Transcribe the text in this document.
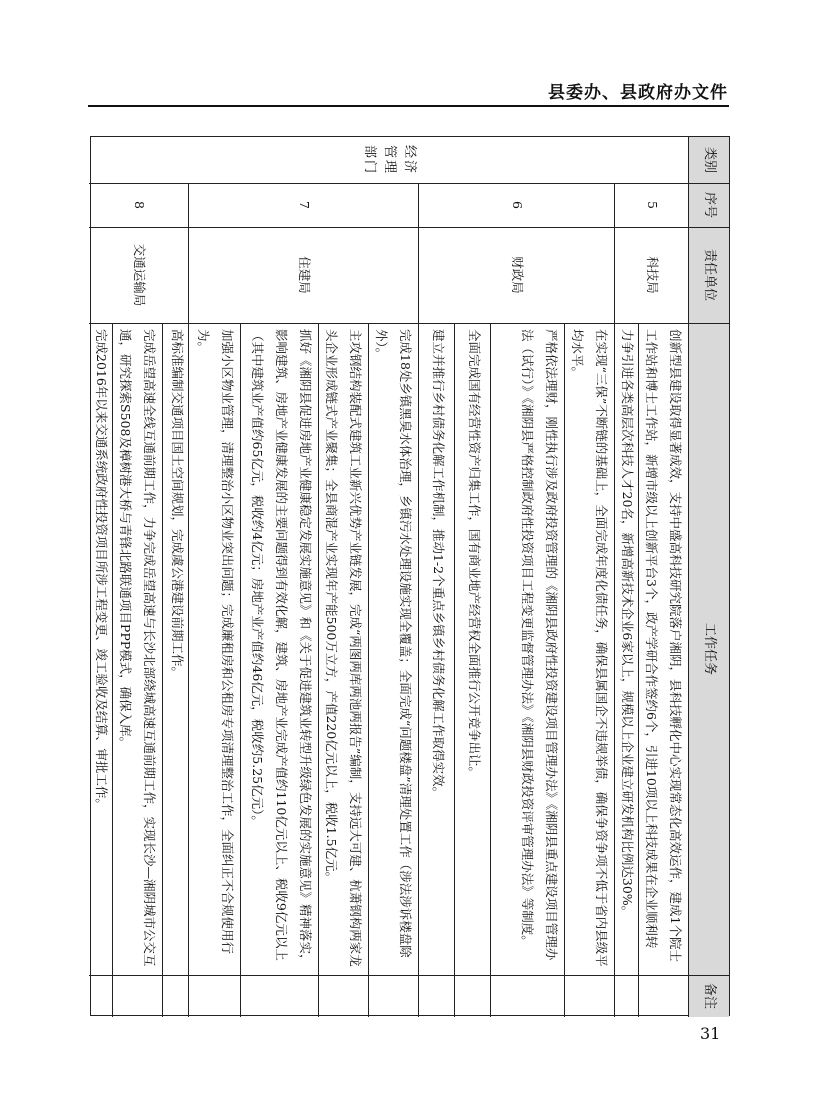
县委办、县政府办文件
类别
序号
责任单位
工作任务
备注
经济管理部门
5
科技局
创新型县建设取得显著成效，支持中盛高科技研究院落户湘阴，县科技孵化中心实现常态化高效运作，建成1个院士工作站和博士工作站，新增市级以上创新平台3个，政产学研合作签约6个，引进10项以上科技成果在企业顺利转
力争引进各类高层次科技人才20名，新增高新技术企业6家以上，规模以上企业建立研发机构比例达30%。
6
财政局
在实现“三保”不断链的基础上，全面完成年度化债任务，确保县属国企不违规举债，确保争资争项不低于省内县级平均水平。
严格依法理财，刚性执行涉及政府投资管理的《湘阴县政府性投资建设项目管理办法》《湘阴县重点建设项目管理办法（试行）》《湘阴县严格控制政府性投资项目工程变更监督管理办法》《湘阴县财政投资评审管理办法》等制度。
全面完成国有经营性资产归集工作，国有商业地产经营权全面推行公开竞争出让。
建立并推行乡村债务化解工作机制，推动1-2个重点乡镇乡村债务化解工作取得实效。
7
住建局
完成18处乡镇黑臭水体治理，乡镇污水处理设施实现全覆盖；全面完成“问题楼盘”清理处置工作（涉法涉诉楼盘除外）。
主攻钢结构装配式建筑工业新兴优势产业链发展，完成“两图两库两池两报告”编制，支持远大可建、杭萧钢构两家龙头企业形成链式产业聚集；全县商混产业实现年产能500万立方，产值220亿元以上，税收1.5亿元。
抓好《湘阴县促进房地产业健康稳定发展实施意见》和《关于促进建筑业转型升级绿色发展的实施意见》精神落实，影响建筑、房地产业健康发展的主要问题得到有效化解，建筑、房地产业完成产值约110亿元以上、税收9亿元以上（其中建筑业产值约65亿元，税收约4亿元；房地产业产值约46亿元，税收约5.25亿元）。
加强小区物业管理，清理整治小区物业突出问题；完成廉租房和公租房专项清理整治工作，全面纠正不合规使用行为。
8
交通运输局
高标准编制交通项目国土空间规划，完成虞公港建设前期工作。
完成岳望高速全线互通前期工作，力争完成岳望高速与长沙北部绕城高速互通前期工作，实现长沙—湘阴城市公交互通，研究探索S508及樟树港大桥与青锋北路联通项目PPP模式，确保入库。
完成2016年以来交通系统政府性投资项目所涉工程变更、竣工验收及结算、审批工作。
31
